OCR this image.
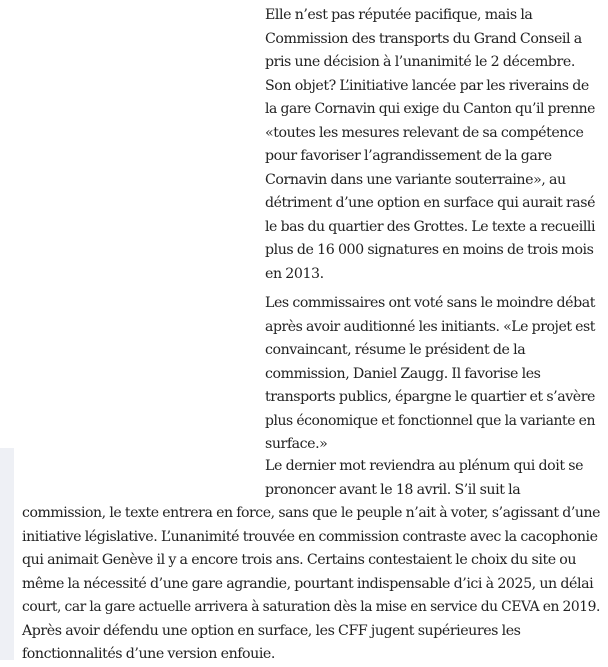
Elle n’est pas réputée pacifique, mais la
Commission des transports du Grand Conseil a
pris une décision à l’unanimité le 2 décembre.
Son objet? L’initiative lancée par les riverains de
la gare Cornavin qui exige du Canton qu’il prenne
«toutes les mesures relevant de sa compétence
pour favoriser l’agrandissement de la gare
Cornavin dans une variante souterraine», au
détriment d’une option en surface qui aurait rasé
le bas du quartier des Grottes. Le texte a recueilli
plus de 16 000 signatures en moins de trois mois
en 2013.
Les commissaires ont voté sans le moindre débat
après avoir auditionné les initiants. «Le projet est
convaincant, résume le président de la
commission, Daniel Zaugg. Il favorise les
transports publics, épargne le quartier et s’avère
plus économique et fonctionnel que la variante en
surface.»
Le dernier mot reviendra au plénum qui doit se
prononcer avant le 18 avril. S’il suit la
commission, le texte entrera en force, sans que le peuple n’ait à voter, s’agissant d’une
initiative législative. L’unanimité trouvée en commission contraste avec la cacophonie
qui animait Genève il y a encore trois ans. Certains contestaient le choix du site ou
même la nécessité d’une gare agrandie, pourtant indispensable d’ici à 2025, un délai
court, car la gare actuelle arrivera à saturation dès la mise en service du CEVA en 2019.
Après avoir défendu une option en surface, les CFF jugent supérieures les
fonctionnalités d’une version enfouie.
